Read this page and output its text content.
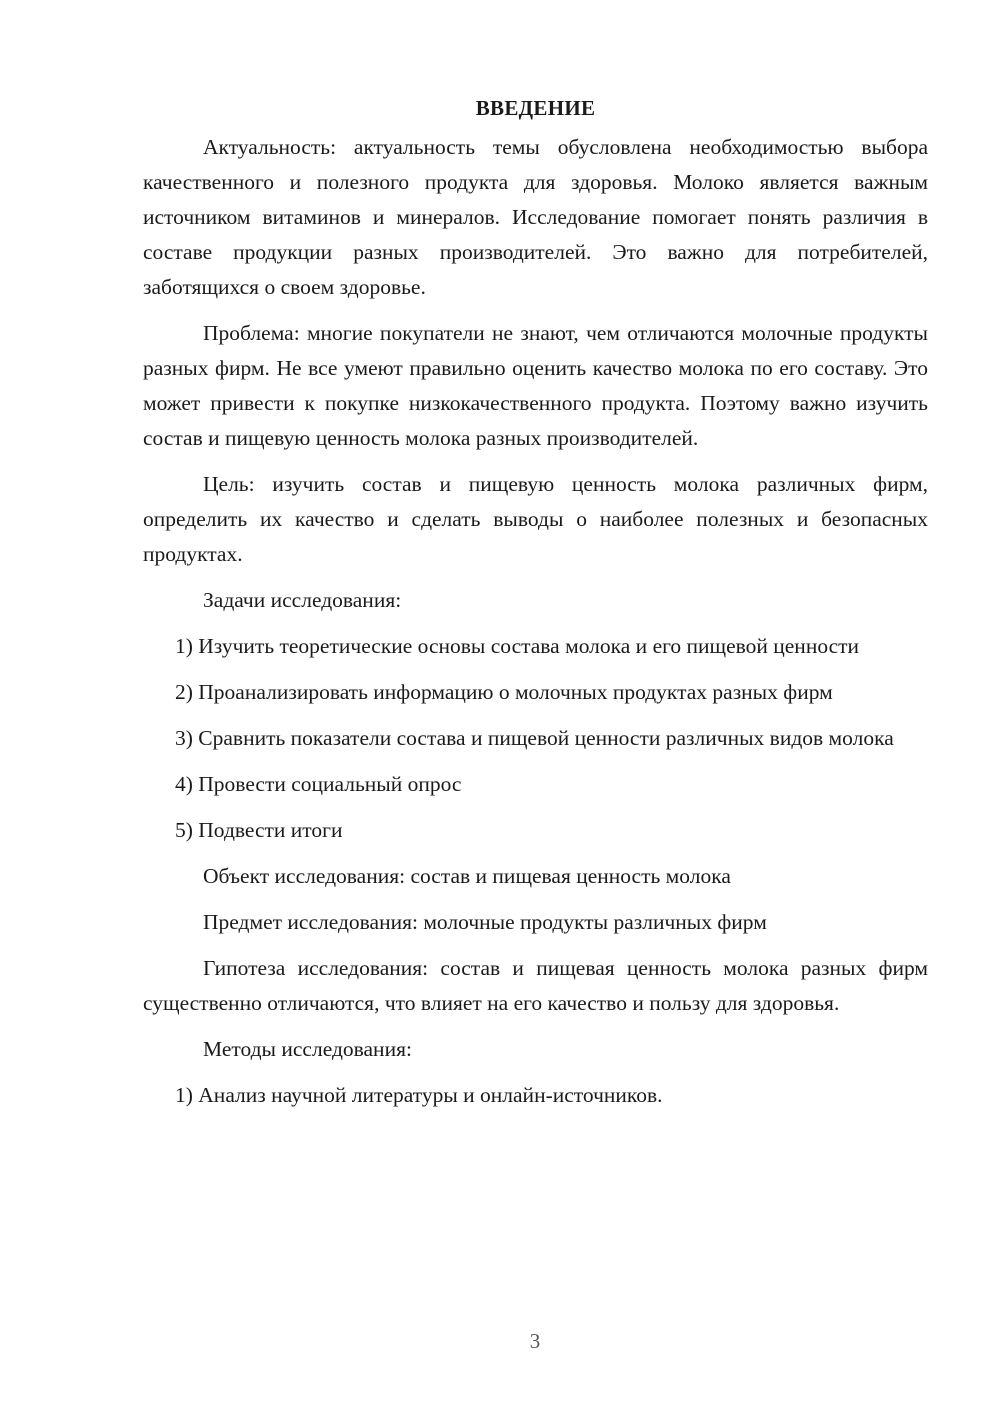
ВВЕДЕНИЕ

Актуальность: актуальность темы обусловлена необходимостью выбора качественного и полезного продукта для здоровья. Молоко является важным источником витаминов и минералов. Исследование помогает понять различия в составе продукции разных производителей. Это важно для потребителей, заботящихся о своем здоровье.

Проблема: многие покупатели не знают, чем отличаются молочные продукты разных фирм. Не все умеют правильно оценить качество молока по его составу. Это может привести к покупке низкокачественного продукта. Поэтому важно изучить состав и пищевую ценность молока разных производителей.

Цель: изучить состав и пищевую ценность молока различных фирм, определить их качество и сделать выводы о наиболее полезных и безопасных продуктах.

Задачи исследования:

1) Изучить теоретические основы состава молока и его пищевой ценности

2) Проанализировать информацию о молочных продуктах разных фирм

3) Сравнить показатели состава и пищевой ценности различных видов молока

4) Провести социальный опрос

5) Подвести итоги

Объект исследования: состав и пищевая ценность молока

Предмет исследования: молочные продукты различных фирм

Гипотеза исследования: состав и пищевая ценность молока разных фирм существенно отличаются, что влияет на его качество и пользу для здоровья.

Методы исследования:

1) Анализ научной литературы и онлайн-источников.

3
